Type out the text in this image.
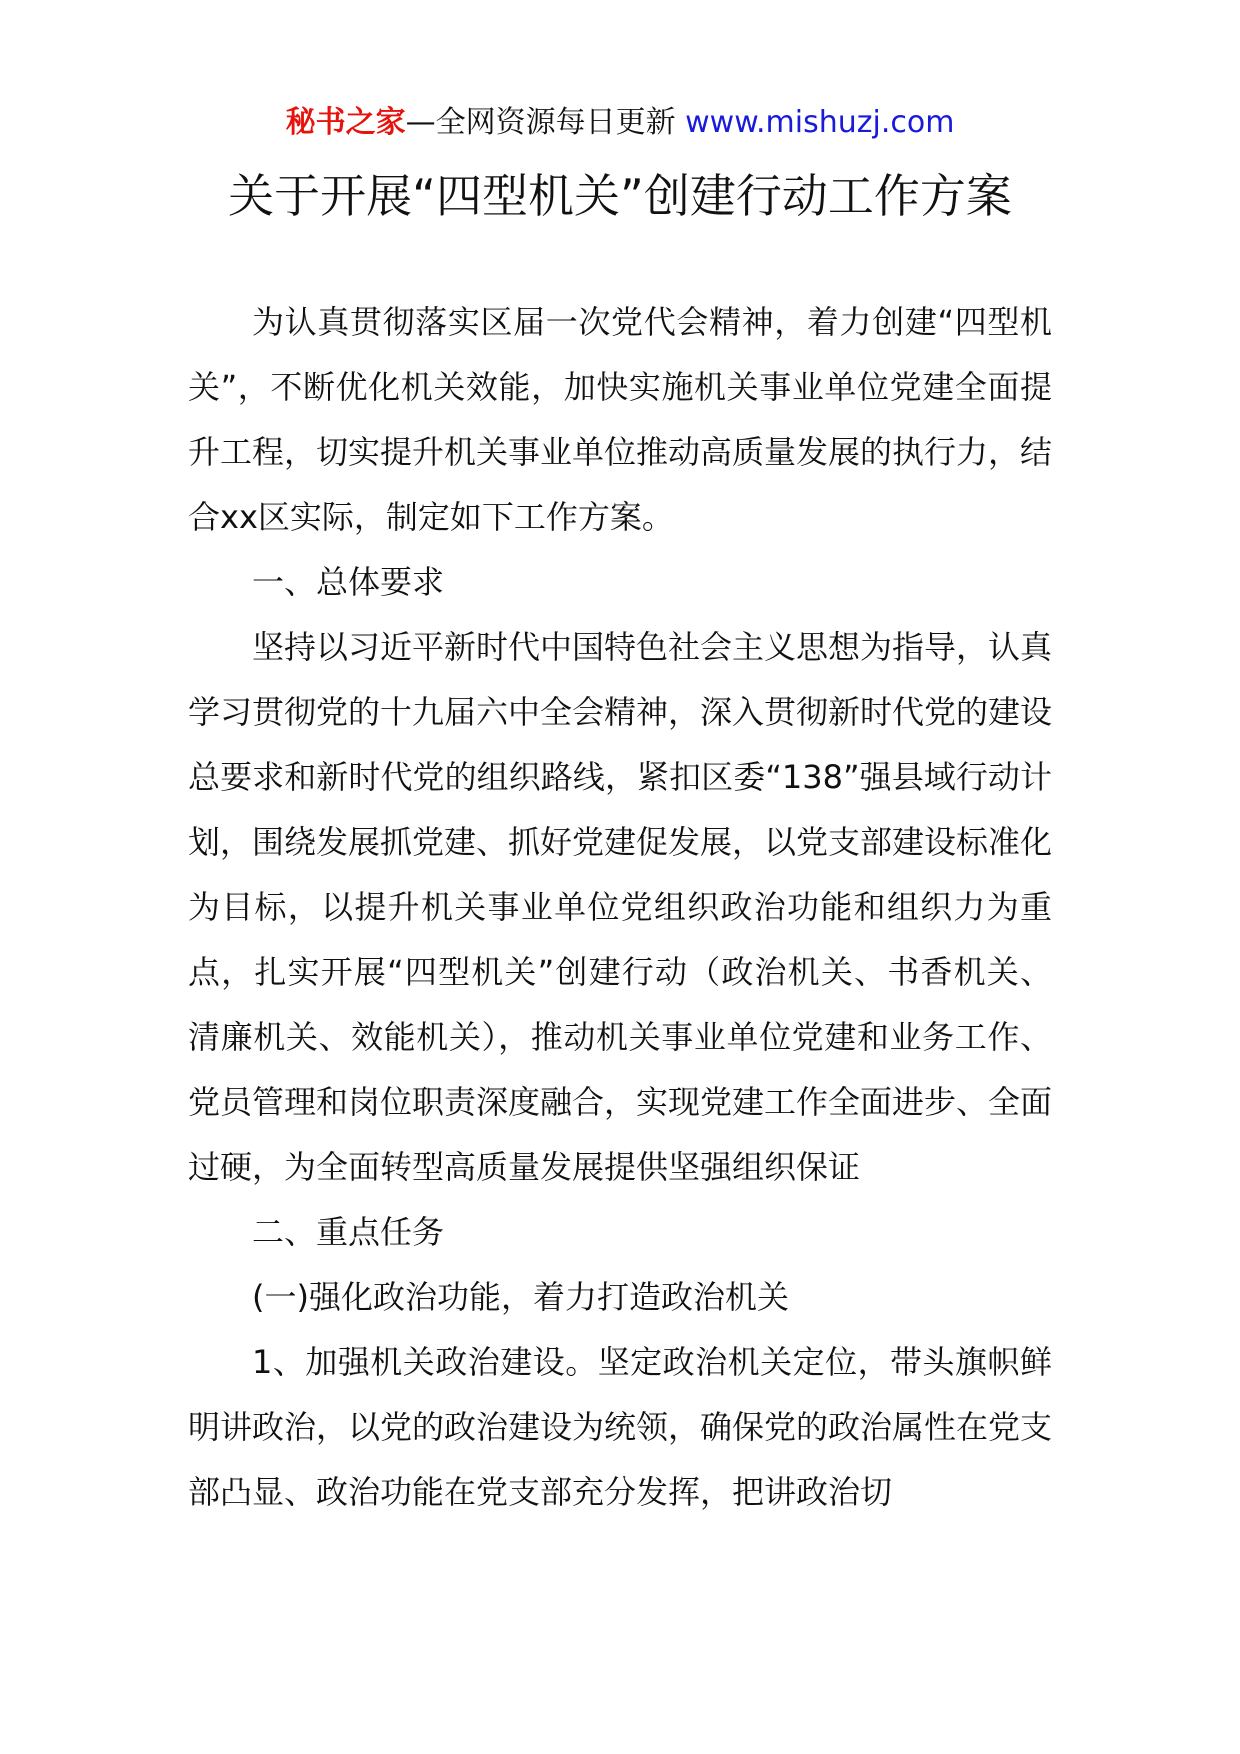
秘书之家—全网资源每日更新 www.mishuzj.com
关于开展“四型机关”创建行动工作方案

为认真贯彻落实区届一次党代会精神，着力创建“四型机关”，不断优化机关效能，加快实施机关事业单位党建全面提升工程，切实提升机关事业单位推动高质量发展的执行力，结合xx区实际，制定如下工作方案。

一、总体要求

坚持以习近平新时代中国特色社会主义思想为指导，认真学习贯彻党的十九届六中全会精神，深入贯彻新时代党的建设总要求和新时代党的组织路线，紧扣区委“138”强县域行动计划，围绕发展抓党建、抓好党建促发展，以党支部建设标准化为目标，以提升机关事业单位党组织政治功能和组织力为重点，扎实开展“四型机关”创建行动（政治机关、书香机关、清廉机关、效能机关），推动机关事业单位党建和业务工作、党员管理和岗位职责深度融合，实现党建工作全面进步、全面过硬，为全面转型高质量发展提供坚强组织保证

二、重点任务

(一)强化政治功能，着力打造政治机关

1、加强机关政治建设。坚定政治机关定位，带头旗帜鲜明讲政治，以党的政治建设为统领，确保党的政治属性在党支部凸显、政治功能在党支部充分发挥，把讲政治切
